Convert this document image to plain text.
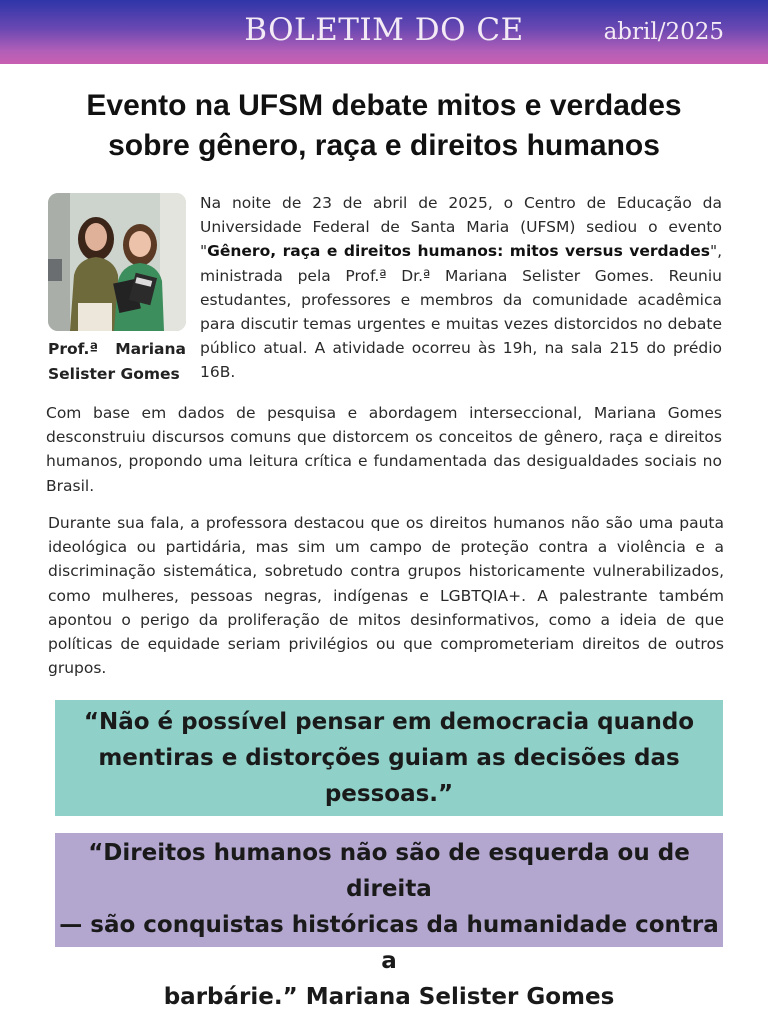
BOLETIM DO CE	abril/2025
Evento na UFSM debate mitos e verdades
sobre gênero, raça e direitos humanos
Prof.ª Mariana
Selister Gomes
Na noite de 23 de abril de 2025, o Centro de Educação da Universidade Federal de Santa Maria (UFSM) sediou o evento "Gênero, raça e direitos humanos: mitos versus verdades", ministrada pela Prof.ª Dr.ª Mariana Selister Gomes. Reuniu estudantes, professores e membros da comunidade acadêmica para discutir temas urgentes e muitas vezes distorcidos no debate público atual. A atividade ocorreu às 19h, na sala 215 do prédio 16B.
Com base em dados de pesquisa e abordagem interseccional, Mariana Gomes desconstruiu discursos comuns que distorcem os conceitos de gênero, raça e direitos humanos, propondo uma leitura crítica e fundamentada das desigualdades sociais no Brasil.
Durante sua fala, a professora destacou que os direitos humanos não são uma pauta ideológica ou partidária, mas sim um campo de proteção contra a violência e a discriminação sistemática, sobretudo contra grupos historicamente vulnerabilizados, como mulheres, pessoas negras, indígenas e LGBTQIA+. A palestrante também apontou o perigo da proliferação de mitos desinformativos, como a ideia de que políticas de equidade seriam privilégios ou que comprometeriam direitos de outros grupos.
“Não é possível pensar em democracia quando
mentiras e distorções guiam as decisões das
pessoas.”
“Direitos humanos não são de esquerda ou de direita
— são conquistas históricas da humanidade contra a
barbárie.” Mariana Selister Gomes
